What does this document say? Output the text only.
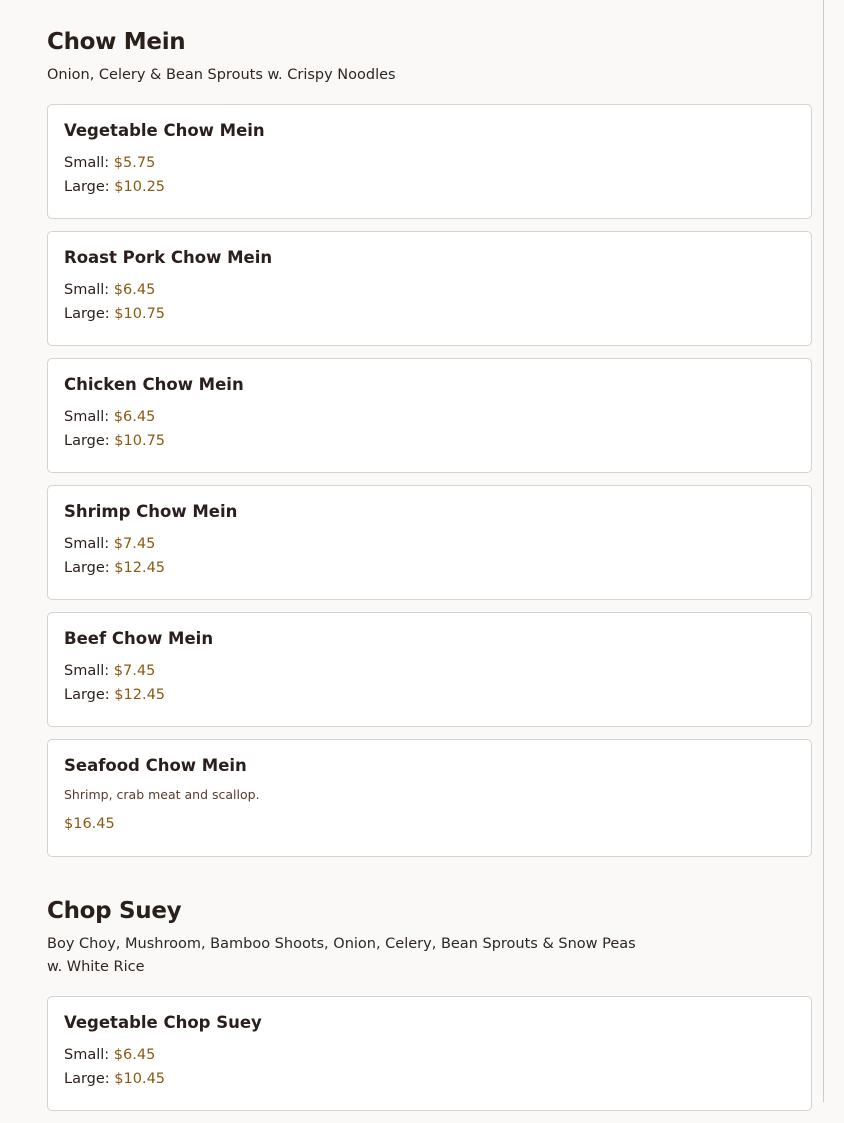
Chow Mein

Onion, Celery & Bean Sprouts w. Crispy Noodles

Vegetable Chow Mein
Small: $5.75
Large: $10.25
Roast Pork Chow Mein
Small: $6.45
Large: $10.75
Chicken Chow Mein
Small: $6.45
Large: $10.75
Shrimp Chow Mein
Small: $7.45
Large: $12.45
Beef Chow Mein
Small: $7.45
Large: $12.45
Seafood Chow Mein

Shrimp, crab meat and scallop.

$16.45
Chop Suey

Boy Choy, Mushroom, Bamboo Shoots, Onion, Celery, Bean Sprouts & Snow Peas
w. White Rice

Vegetable Chop Suey
Small: $6.45
Large: $10.45
